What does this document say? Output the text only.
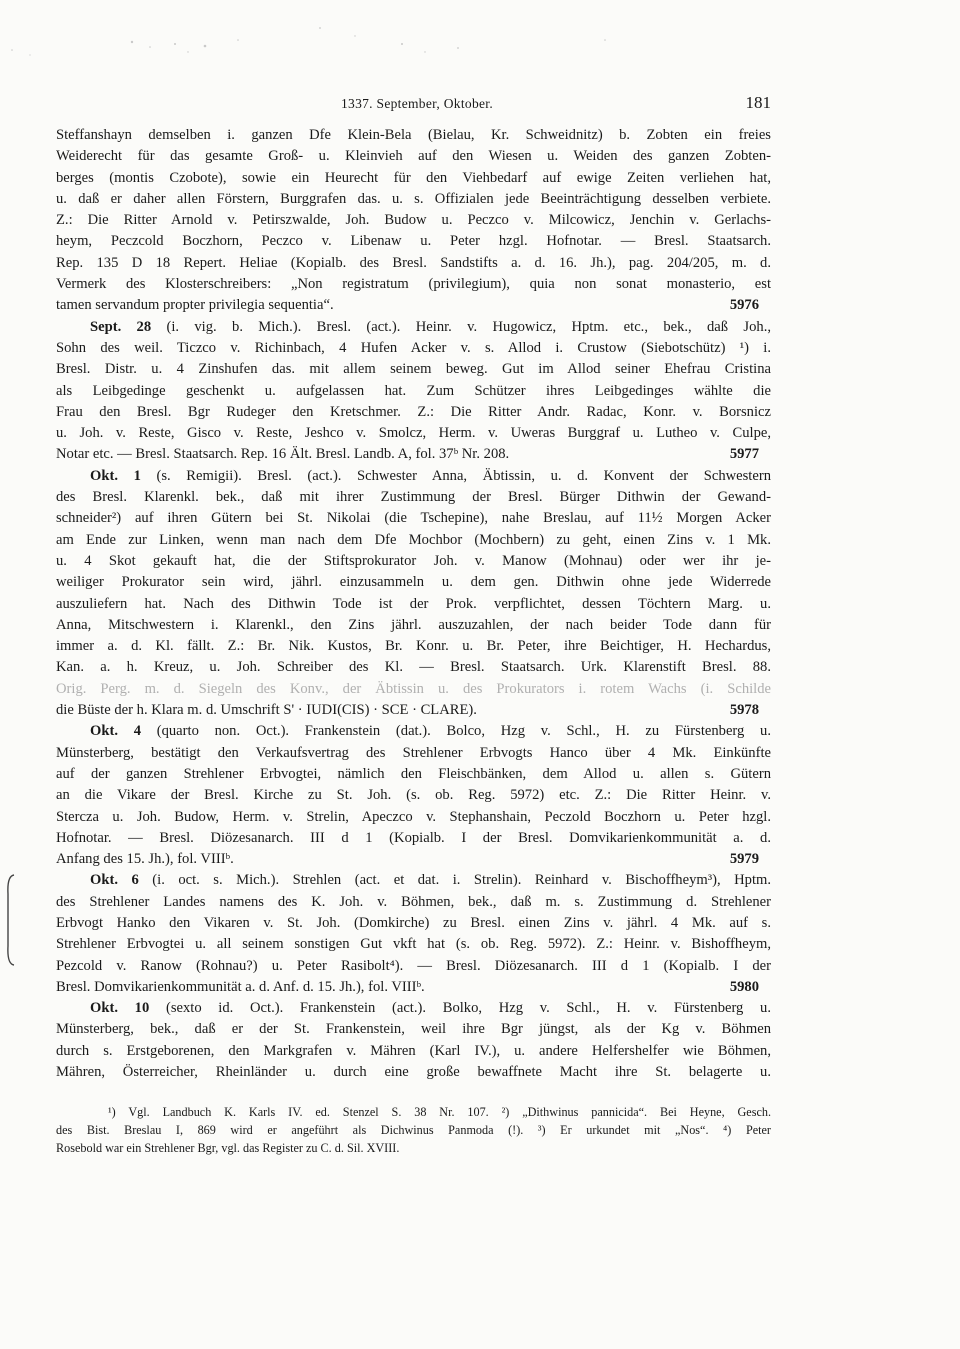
1337. September, Oktober.	181
Steffanshayn demselben i. ganzen Dfe Klein-Bela (Bielau, Kr. Schweidnitz) b. Zobten ein freies
Weiderecht für das gesamte Groß- u. Kleinvieh auf den Wiesen u. Weiden des ganzen Zobten-
berges (montis Czobote), sowie ein Heurecht für den Viehbedarf auf ewige Zeiten verliehen hat,
u. daß er daher allen Förstern, Burggrafen das. u. s. Offizialen jede Beeinträchtigung desselben verbiete.
Z.: Die Ritter Arnold v. Petirszwalde, Joh. Budow u. Peczco v. Milcowicz, Jenchin v. Gerlachs-
heym, Peczcold Boczhorn, Peczco v. Libenaw u. Peter hzgl. Hofnotar. — Bresl. Staatsarch.
Rep. 135 D 18 Repert. Heliae (Kopialb. des Bresl. Sandstifts a. d. 16. Jh.), pag. 204/205, m. d.
Vermerk des Klosterschreibers: „Non registratum (privilegium), quia non sonat monasterio, est
tamen servandum propter privilegia sequentia“.	5976
Sept. 28 (i. vig. b. Mich.). Bresl. (act.). Heinr. v. Hugowicz, Hptm. etc., bek., daß Joh.,
Sohn des weil. Ticzco v. Richinbach, 4 Hufen Acker v. s. Allod i. Crustow (Siebotschütz) ¹) i.
Bresl. Distr. u. 4 Zinshufen das. mit allem seinem beweg. Gut im Allod seiner Ehefrau Cristina
als Leibgedinge geschenkt u. aufgelassen hat. Zum Schützer ihres Leibgedinges wählte die
Frau den Bresl. Bgr Rudeger den Kretschmer. Z.: Die Ritter Andr. Radac, Konr. v. Borsnicz
u. Joh. v. Reste, Gisco v. Reste, Jeshco v. Smolcz, Herm. v. Uweras Burggraf u. Lutheo v. Culpe,
Notar etc. — Bresl. Staatsarch. Rep. 16 Ält. Bresl. Landb. A, fol. 37ᵇ Nr. 208.	5977
Okt. 1 (s. Remigii). Bresl. (act.). Schwester Anna, Äbtissin, u. d. Konvent der Schwestern
des Bresl. Klarenkl. bek., daß mit ihrer Zustimmung der Bresl. Bürger Dithwin der Gewand-
schneider²) auf ihren Gütern bei St. Nikolai (die Tschepine), nahe Breslau, auf 11½ Morgen Acker
am Ende zur Linken, wenn man nach dem Dfe Mochbor (Mochbern) zu geht, einen Zins v. 1 Mk.
u. 4 Skot gekauft hat, die der Stiftsprokurator Joh. v. Manow (Mohnau) oder wer ihr je-
weiliger Prokurator sein wird, jährl. einzusammeln u. dem gen. Dithwin ohne jede Widerrede
auszuliefern hat. Nach des Dithwin Tode ist der Prok. verpflichtet, dessen Töchtern Marg. u.
Anna, Mitschwestern i. Klarenkl., den Zins jährl. auszuzahlen, der nach beider Tode dann für
immer a. d. Kl. fällt. Z.: Br. Nik. Kustos, Br. Konr. u. Br. Peter, ihre Beichtiger, H. Hechardus,
Kan. a. h. Kreuz, u. Joh. Schreiber des Kl. — Bresl. Staatsarch. Urk. Klarenstift Bresl. 88.
Orig. Perg. m. d. Siegeln des Konv., der Äbtissin u. des Prokurators i. rotem Wachs (i. Schilde
die Büste der h. Klara m. d. Umschrift S' · IUDI(CIS) · SCE · CLARE).	5978
Okt. 4 (quarto non. Oct.). Frankenstein (dat.). Bolco, Hzg v. Schl., H. zu Fürstenberg u.
Münsterberg, bestätigt den Verkaufsvertrag des Strehlener Erbvogts Hanco über 4 Mk. Einkünfte
auf der ganzen Strehlener Erbvogtei, nämlich den Fleischbänken, dem Allod u. allen s. Gütern
an die Vikare der Bresl. Kirche zu St. Joh. (s. ob. Reg. 5972) etc. Z.: Die Ritter Heinr. v.
Stercza u. Joh. Budow, Herm. v. Strelin, Apeczco v. Stephanshain, Peczold Boczhorn u. Peter hzgl.
Hofnotar. — Bresl. Diözesanarch. III d 1 (Kopialb. I der Bresl. Domvikarienkommunität a. d.
Anfang des 15. Jh.), fol. VIIIᵇ.	5979
Okt. 6 (i. oct. s. Mich.). Strehlen (act. et dat. i. Strelin). Reinhard v. Bischoffheym³), Hptm.
des Strehlener Landes namens des K. Joh. v. Böhmen, bek., daß m. s. Zustimmung d. Strehlener
Erbvogt Hanko den Vikaren v. St. Joh. (Domkirche) zu Bresl. einen Zins v. jährl. 4 Mk. auf s.
Strehlener Erbvogtei u. all seinem sonstigen Gut vkft hat (s. ob. Reg. 5972). Z.: Heinr. v. Bishoffheym,
Pezcold v. Ranow (Rohnau?) u. Peter Rasibolt⁴). — Bresl. Diözesanarch. III d 1 (Kopialb. I der
Bresl. Domvikarienkommunität a. d. Anf. d. 15. Jh.), fol. VIIIᵇ.	5980
Okt. 10 (sexto id. Oct.). Frankenstein (act.). Bolko, Hzg v. Schl., H. v. Fürstenberg u.
Münsterberg, bek., daß er der St. Frankenstein, weil ihre Bgr jüngst, als der Kg v. Böhmen
durch s. Erstgeborenen, den Markgrafen v. Mähren (Karl IV.), u. andere Helfershelfer wie Böhmen,
Mähren, Österreicher, Rheinländer u. durch eine große bewaffnete Macht ihre St. belagerte u.
¹) Vgl. Landbuch K. Karls IV. ed. Stenzel S. 38 Nr. 107. ²) „Dithwinus pannicida“. Bei Heyne, Gesch.
des Bist. Breslau I, 869 wird er angeführt als Dichwinus Panmoda (!). ³) Er urkundet mit „Nos“. ⁴) Peter
Rosebold war ein Strehlener Bgr, vgl. das Register zu C. d. Sil. XVIII.
